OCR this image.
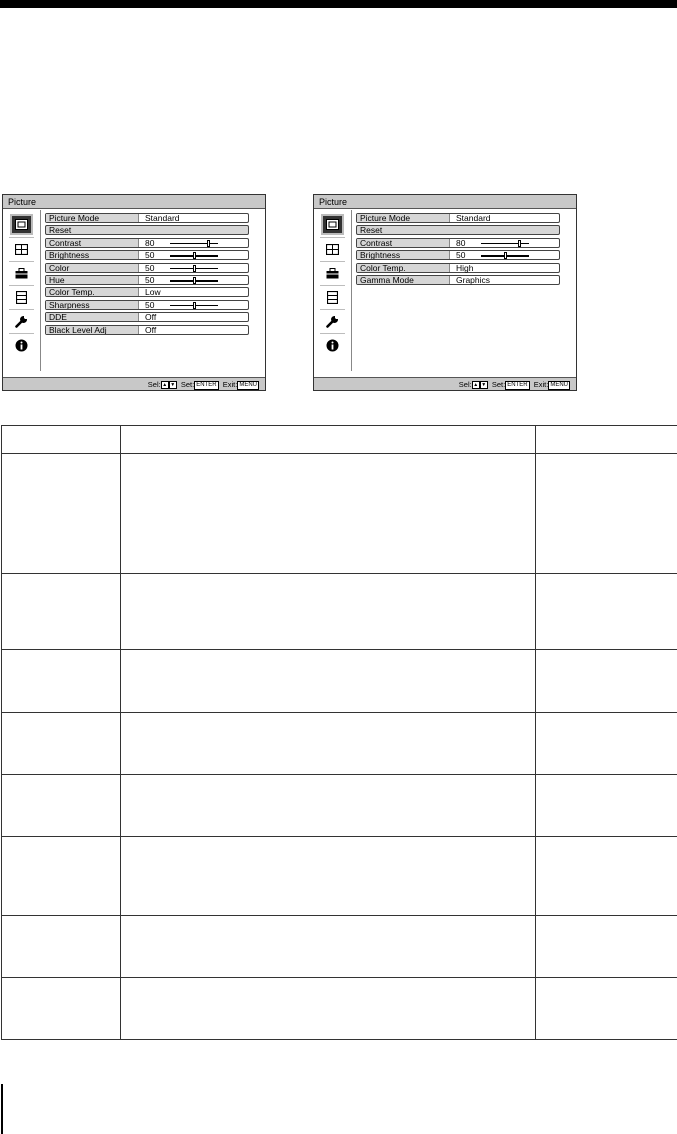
Picture
Picture Mode	Standard
Reset
Contrast	80
Brightness	50
Color	50
Hue	50
Color Temp.	Low
Sharpness	50
DDE	Off
Black Level Adj	Off
Sel: ▲ ▼ Set: ENTER Exit: MENU
Picture
Picture Mode	Standard
Reset
Contrast	80
Brightness	50
Color Temp.	High
Gamma Mode	Graphics
Sel: ▲ ▼ Set: ENTER Exit: MENU
